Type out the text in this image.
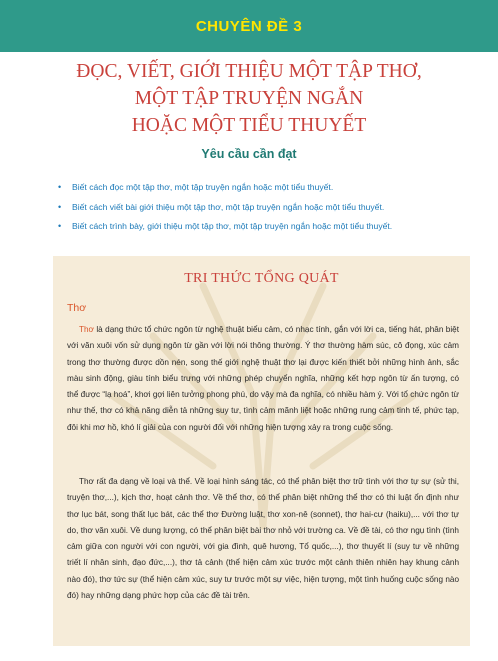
CHUYÊN ĐỀ 3
ĐỌC, VIẾT, GIỚI THIỆU MỘT TẬP THƠ,
MỘT TẬP TRUYỆN NGẮN
HOẶC MỘT TIỂU THUYẾT
Yêu cầu cần đạt
• Biết cách đọc một tập thơ, một tập truyện ngắn hoặc một tiểu thuyết.
• Biết cách viết bài giới thiệu một tập thơ, một tập truyện ngắn hoặc một tiểu thuyết.
• Biết cách trình bày, giới thiệu một tập thơ, một tập truyện ngắn hoặc một tiểu thuyết.
TRI THỨC TỔNG QUÁT
Thơ

Thơ là dạng thức tổ chức ngôn từ nghệ thuật biểu cảm, có nhạc tính, gắn với lời ca, tiếng hát, phân biệt với văn xuôi vốn sử dụng ngôn từ gần với lời nói thông thường. Ý thơ thường hàm súc, cô đọng, xúc cảm trong thơ thường được dồn nén, song thế giới nghệ thuật thơ lại được kiến thiết bởi những hình ảnh, sắc màu sinh động, giàu tính biểu trưng với những phép chuyển nghĩa, những kết hợp ngôn từ ấn tượng, có thể được “lạ hoá”, khơi gợi liên tưởng phong phú, do vậy mà đa nghĩa, có nhiều hàm ý. Với tổ chức ngôn từ như thế, thơ có khả năng diễn tả những suy tư, tình cảm mãnh liệt hoặc những rung cảm tinh tế, phức tạp, đôi khi mơ hồ, khó lí giải của con người đối với những hiện tượng xảy ra trong cuộc sống.

Thơ rất đa dạng về loại và thể. Về loại hình sáng tác, có thể phân biệt thơ trữ tình với thơ tự sự (sử thi, truyện thơ,...), kịch thơ, hoạt cảnh thơ. Về thể thơ, có thể phân biệt những thể thơ có thi luật ổn định như thơ lục bát, song thất lục bát, các thể thơ Đường luật, thơ xon-nê (sonnet), thơ hai-cư (haiku),... với thơ tự do, thơ văn xuôi. Về dung lượng, có thể phân biệt bài thơ nhỏ với trường ca. Về đề tài, có thơ ngụ tình (tình cảm giữa con người với con người, với gia đình, quê hương, Tổ quốc,...), thơ thuyết lí (suy tư về những triết lí nhân sinh, đạo đức,...), thơ tả cảnh (thể hiện cảm xúc trước một cảnh thiên nhiên hay khung cảnh nào đó), thơ tức sự (thể hiện cảm xúc, suy tư trước một sự việc, hiện tượng, một tình huống cuộc sống nào đó) hay những dạng phức hợp của các đề tài trên.
